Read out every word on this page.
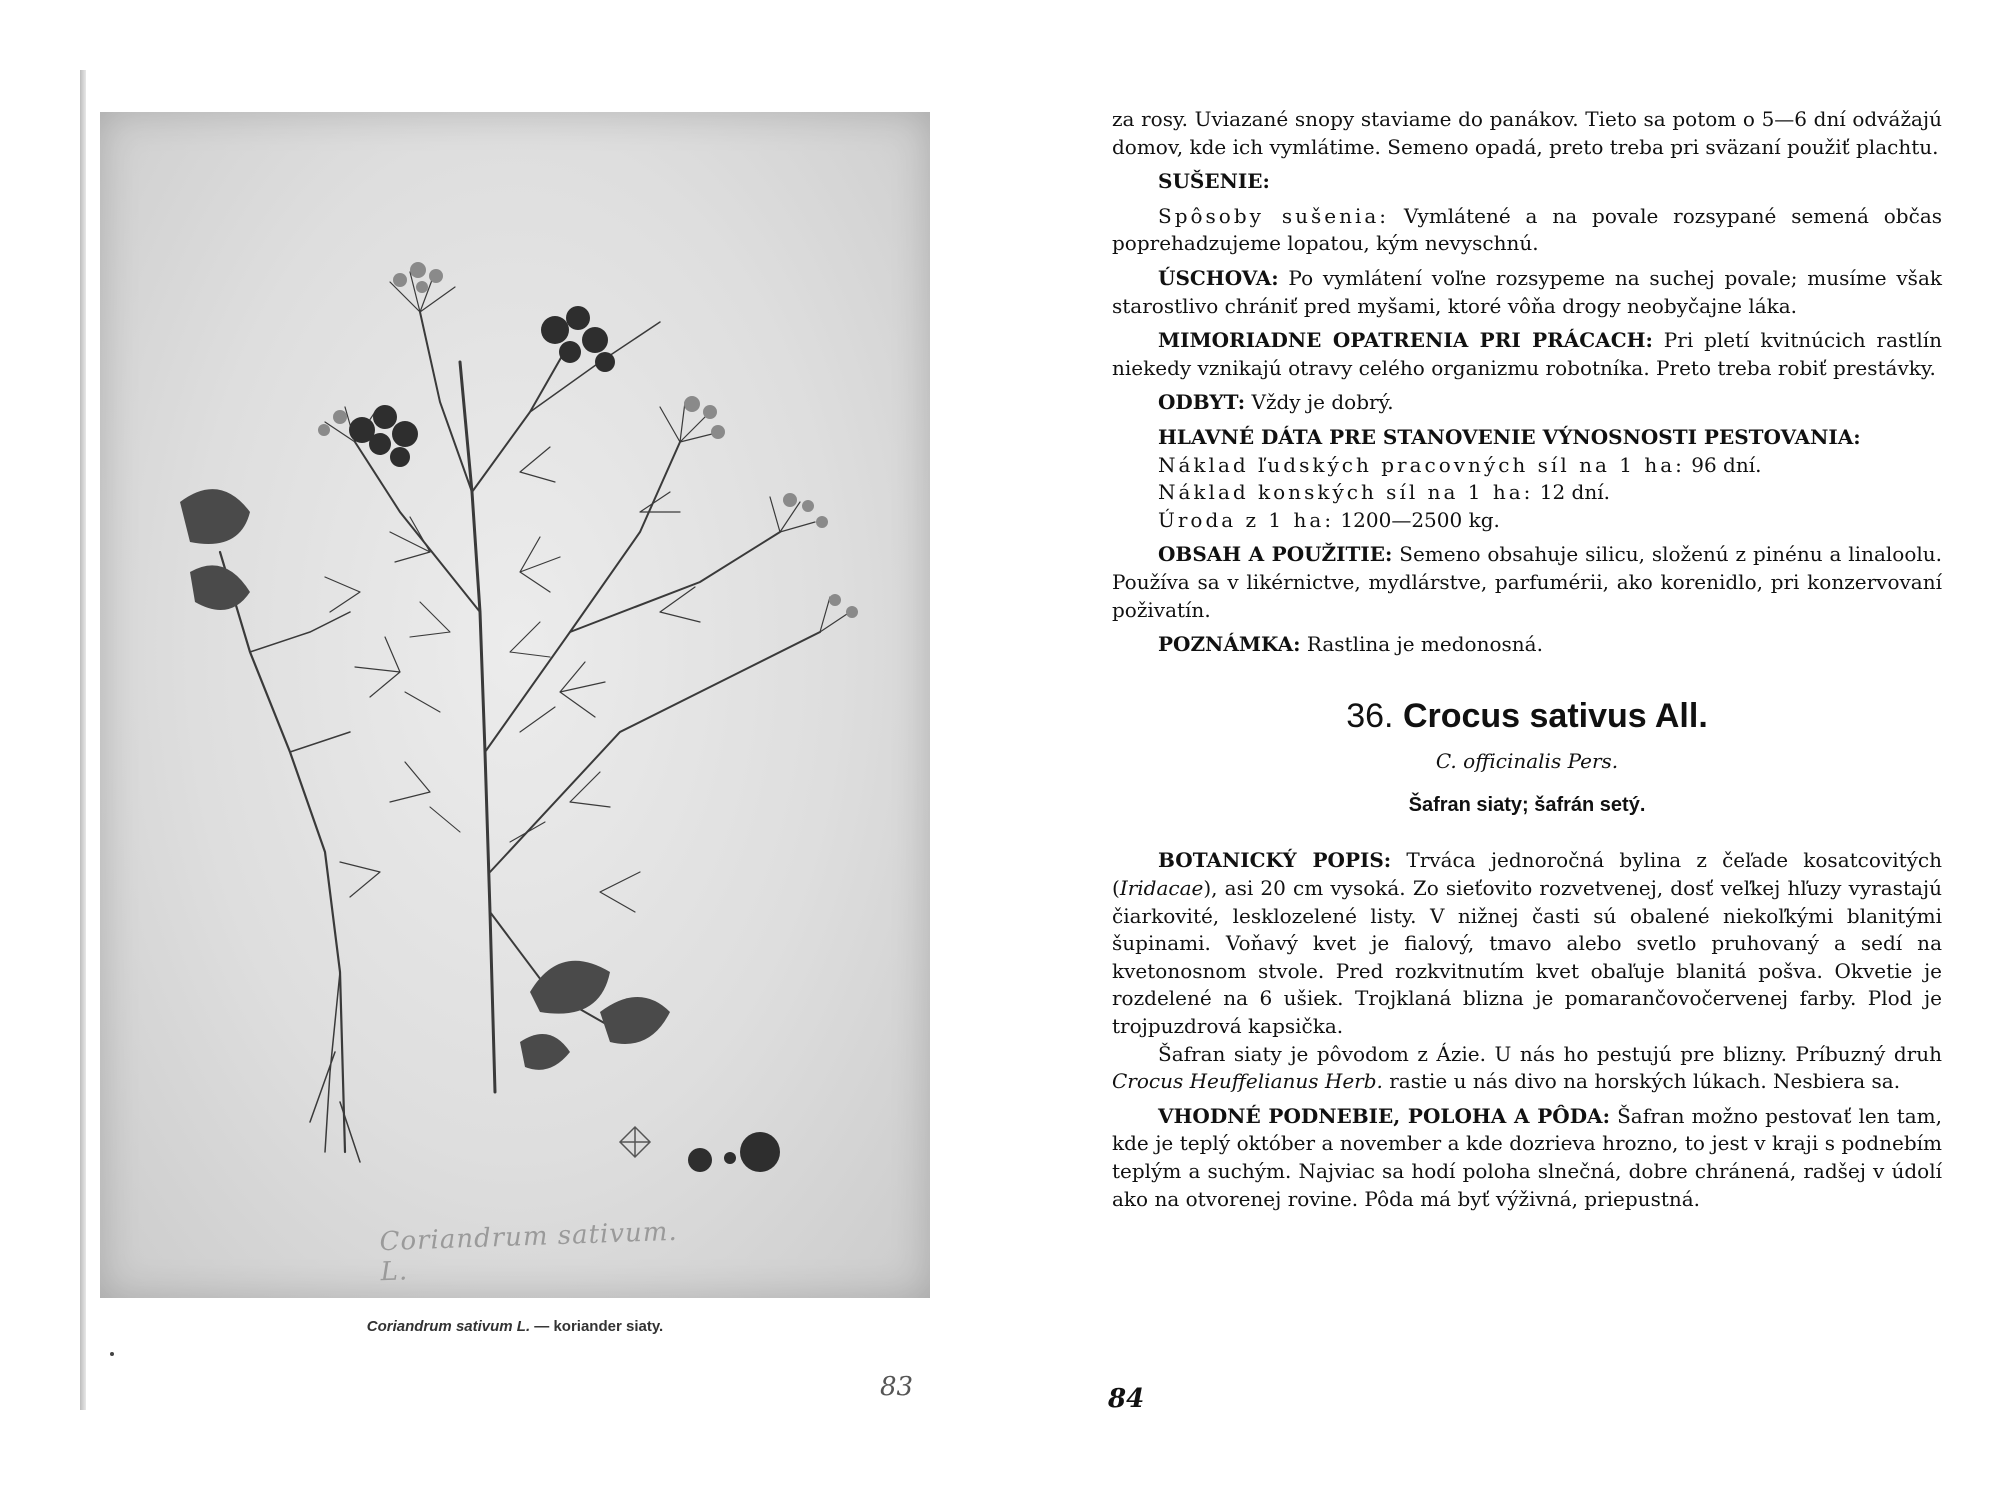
Coriandrum sativum. L.
Coriandrum sativum L. — koriander siaty.
83

za rosy. Uviazané snopy staviame do panákov. Tieto sa potom o 5—6 dní odvážajú domov, kde ich vymlátime. Semeno opadá, preto treba pri sväzaní použiť plachtu.

SUŠENIE:

Spôsoby sušenia: Vymlátené a na povale rozsypané semená občas poprehadzujeme lopatou, kým nevyschnú.

ÚSCHOVA: Po vymlátení voľne rozsypeme na suchej povale; musíme však starostlivo chrániť pred myšami, ktoré vôňa drogy neobyčajne láka.

MIMORIADNE OPATRENIA PRI PRÁCACH: Pri pletí kvitnúcich rastlín niekedy vznikajú otravy celého organizmu robotníka. Preto treba robiť prestávky.

ODBYT: Vždy je dobrý.

HLAVNÉ DÁTA PRE STANOVENIE VÝNOSNOSTI PESTOVANIA:

Náklad ľudských pracovných síl na 1 ha: 96 dní.

Náklad konských síl na 1 ha: 12 dní.

Úroda z 1 ha: 1200—2500 kg.

OBSAH A POUŽITIE: Semeno obsahuje silicu, složenú z pinénu a linaloolu. Používa sa v likérnictve, mydlárstve, parfumérii, ako korenidlo, pri konzervovaní poživatín.

POZNÁMKA: Rastlina je medonosná.

36. Crocus sativus All.
C. officinalis Pers.
Šafran siaty; šafrán setý.

BOTANICKÝ POPIS: Trváca jednoročná bylina z čeľade kosatcovitých (Iridacae), asi 20 cm vysoká. Zo sieťovito rozvetvenej, dosť veľkej hľuzy vyrastajú čiarkovité, lesklozelené listy. V nižnej časti sú obalené niekoľkými blanitými šupinami. Voňavý kvet je fialový, tmavo alebo svetlo pruhovaný a sedí na kvetonosnom stvole. Pred rozkvitnutím kvet obaľuje blanitá pošva. Okvetie je rozdelené na 6 ušiek. Trojklaná blizna je pomarančovočervenej farby. Plod je trojpuzdrová kapsička.

Šafran siaty je pôvodom z Ázie. U nás ho pestujú pre blizny. Príbuzný druh Crocus Heuffelianus Herb. rastie u nás divo na horských lúkach. Nesbiera sa.

VHODNÉ PODNEBIE, POLOHA A PÔDA: Šafran možno pestovať len tam, kde je teplý október a november a kde dozrieva hrozno, to jest v kraji s podnebím teplým a suchým. Najviac sa hodí poloha slnečná, dobre chránená, radšej v údolí ako na otvorenej rovine. Pôda má byť výživná, priepustná.

84
